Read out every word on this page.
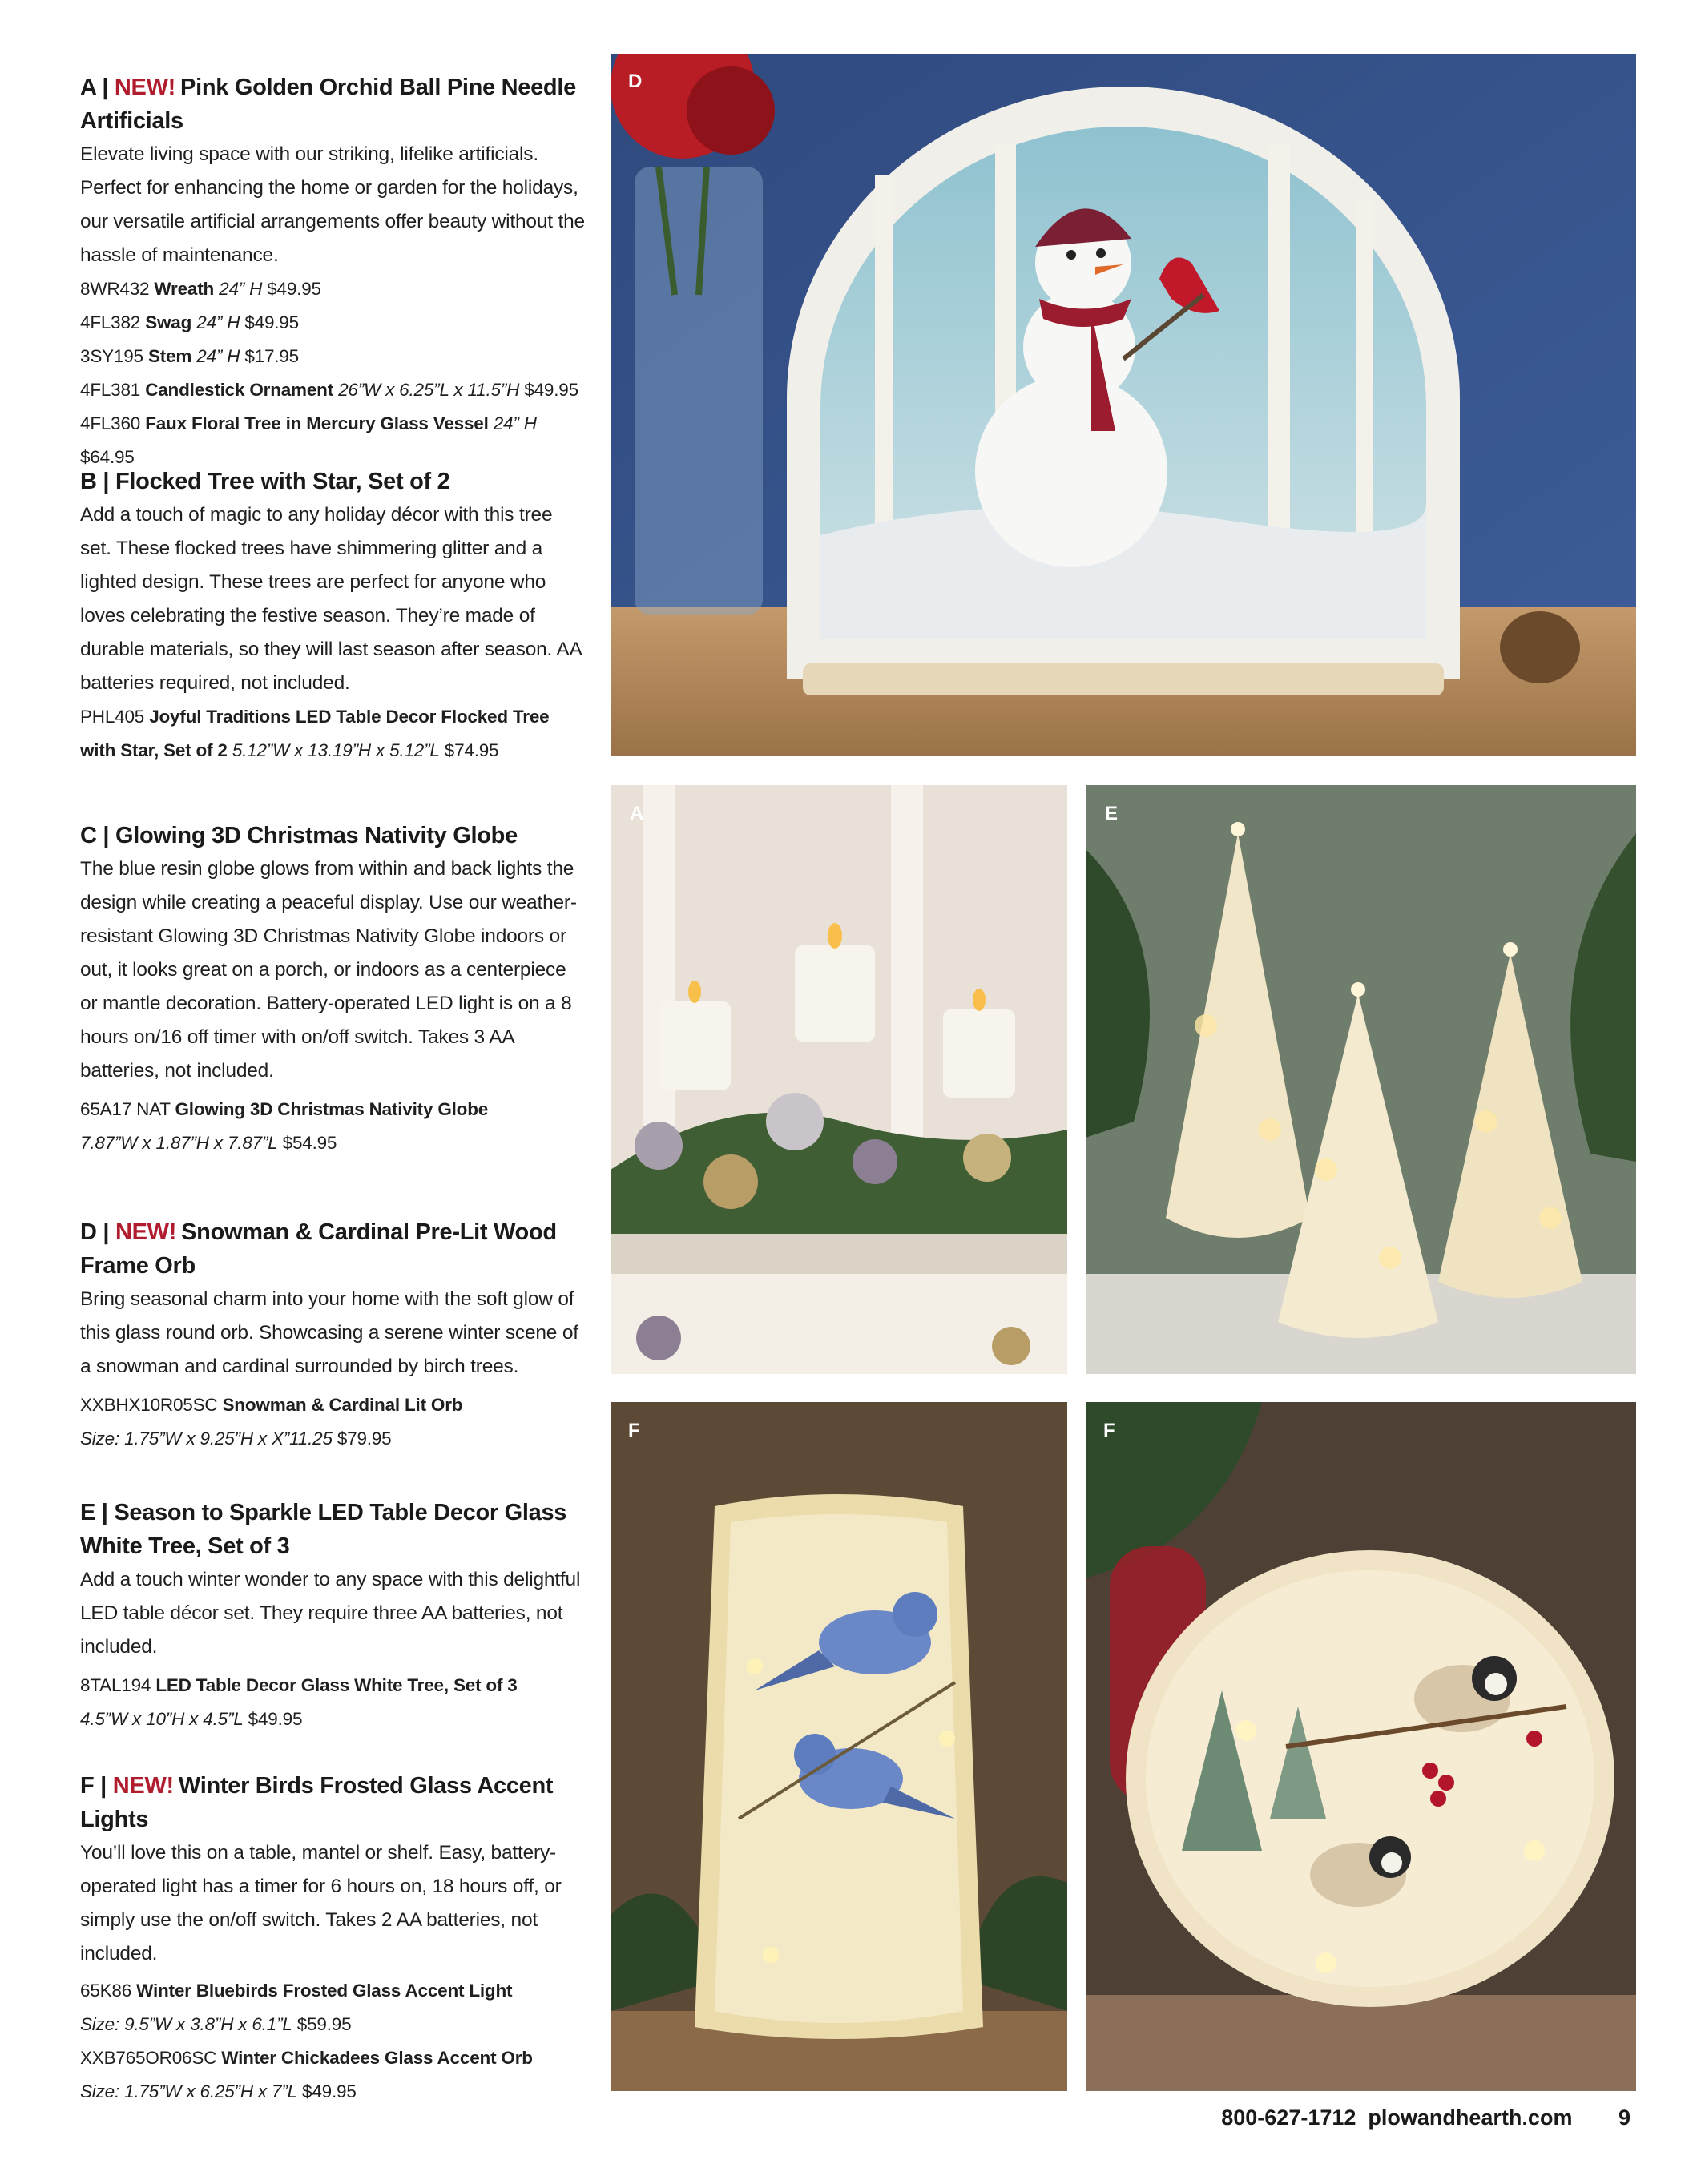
A | NEW! Pink Golden Orchid Ball Pine Needle Artificials
Elevate living space with our striking, lifelike artificials. Perfect for enhancing the home or garden for the holidays, our versatile artificial arrangements offer beauty without the hassle of maintenance.
8WR432 Wreath 24” H $49.95
4FL382 Swag 24” H $49.95
3SY195 Stem 24” H $17.95
4FL381 Candlestick Ornament 26”W x 6.25”L x 11.5”H $49.95
4FL360 Faux Floral Tree in Mercury Glass Vessel 24” H $64.95
B | Flocked Tree with Star, Set of 2
Add a touch of magic to any holiday décor with this tree set. These flocked trees have shimmering glitter and a lighted design. These trees are perfect for anyone who loves celebrating the festive season. They’re made of durable materials, so they will last season after season. AA batteries required, not included.
PHL405 Joyful Traditions LED Table Decor Flocked Tree with Star, Set of 2 5.12”W x 13.19”H x 5.12”L $74.95
C | Glowing 3D Christmas Nativity Globe
The blue resin globe glows from within and back lights the design while creating a peaceful display. Use our weather-resistant Glowing 3D Christmas Nativity Globe indoors or out, it looks great on a porch, or indoors as a centerpiece or mantle decoration. Battery-operated LED light is on a 8 hours on/16 off timer with on/off switch. Takes 3 AA batteries, not included.
65A17 NAT Glowing 3D Christmas Nativity Globe
7.87”W x 1.87”H x 7.87”L $54.95
D | NEW! Snowman & Cardinal Pre-Lit Wood Frame Orb
Bring seasonal charm into your home with the soft glow of this glass round orb. Showcasing a serene winter scene of a snowman and cardinal surrounded by birch trees.
XXBHX10R05SC Snowman & Cardinal Lit Orb
Size: 1.75”W x 9.25”H x X”11.25 $79.95
E | Season to Sparkle LED Table Decor Glass White Tree, Set of 3
Add a touch winter wonder to any space with this delightful LED table décor set. They require three AA batteries, not included.
8TAL194 LED Table Decor Glass White Tree, Set of 3
4.5”W x 10”H x 4.5”L $49.95
F | NEW! Winter Birds Frosted Glass Accent Lights
You’ll love this on a table, mantel or shelf. Easy, battery-operated light has a timer for 6 hours on, 18 hours off, or simply use the on/off switch. Takes 2 AA batteries, not included.
65K86 Winter Bluebirds Frosted Glass Accent Light
Size: 9.5”W x 3.8”H x 6.1”L $59.95
XXB765OR06SC Winter Chickadees Glass Accent Orb
Size: 1.75”W x 6.25”H x 7”L $49.95
D
A	E
F	F
800-627-1712 plowandhearth.com 9
